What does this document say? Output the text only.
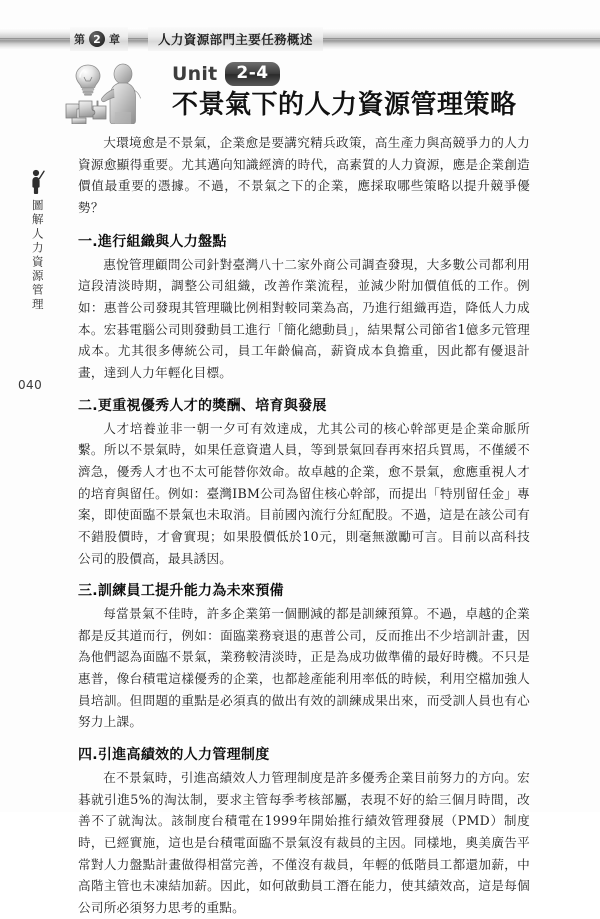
第 2 章	人力資源部門主要任務概述
Unit	2-4
不景氣下的人力資源管理策略
圖解人力資源管理
040

大環境愈是不景氣，企業愈是要講究精兵政策，高生產力與高競爭力的人力資源愈顯得重要。尤其邁向知識經濟的時代，高素質的人力資源，應是企業創造價值最重要的憑據。不過，不景氣之下的企業，應採取哪些策略以提升競爭優勢？

一.進行組織與人力盤點

惠悅管理顧問公司針對臺灣八十二家外商公司調查發現，大多數公司都利用這段清淡時期，調整公司組織，改善作業流程，並減少附加價值低的工作。例如：惠普公司發現其管理職比例相對較同業為高，乃進行組織再造，降低人力成本。宏碁電腦公司則發動員工進行「簡化總動員」，結果幫公司節省1億多元管理成本。尤其很多傳統公司，員工年齡偏高，薪資成本負擔重，因此都有優退計畫，達到人力年輕化目標。

二.更重視優秀人才的獎酬、培育與發展

人才培養並非一朝一夕可有效達成，尤其公司的核心幹部更是企業命脈所繫。所以不景氣時，如果任意資遣人員，等到景氣回春再來招兵買馬，不僅緩不濟急，優秀人才也不太可能替你效命。故卓越的企業，愈不景氣，愈應重視人才的培育與留任。例如：臺灣IBM公司為留住核心幹部，而提出「特別留任金」專案，即使面臨不景氣也未取消。目前國內流行分紅配股。不過，這是在該公司有不錯股價時，才會實現；如果股價低於10元，則毫無激勵可言。目前以高科技公司的股價高，最具誘因。

三.訓練員工提升能力為未來預備

每當景氣不佳時，許多企業第一個刪減的都是訓練預算。不過，卓越的企業都是反其道而行，例如：面臨業務衰退的惠普公司，反而推出不少培訓計畫，因為他們認為面臨不景氣，業務較清淡時，正是為成功做準備的最好時機。不只是惠普，像台積電這樣優秀的企業，也都趁產能利用率低的時候，利用空檔加強人員培訓。但問題的重點是必須真的做出有效的訓練成果出來，而受訓人員也有心努力上課。

四.引進高績效的人力管理制度

在不景氣時，引進高績效人力管理制度是許多優秀企業目前努力的方向。宏碁就引進5%的淘汰制，要求主管每季考核部屬，表現不好的給三個月時間，改善不了就淘汰。該制度台積電在1999年開始推行績效管理發展（PMD）制度時，已經實施，這也是台積電面臨不景氣沒有裁員的主因。同樣地，奧美廣告平常對人力盤點計畫做得相當完善，不僅沒有裁員，年輕的低階員工都還加薪，中高階主管也未凍結加薪。因此，如何啟動員工潛在能力，使其績效高，這是每個公司所必須努力思考的重點。
